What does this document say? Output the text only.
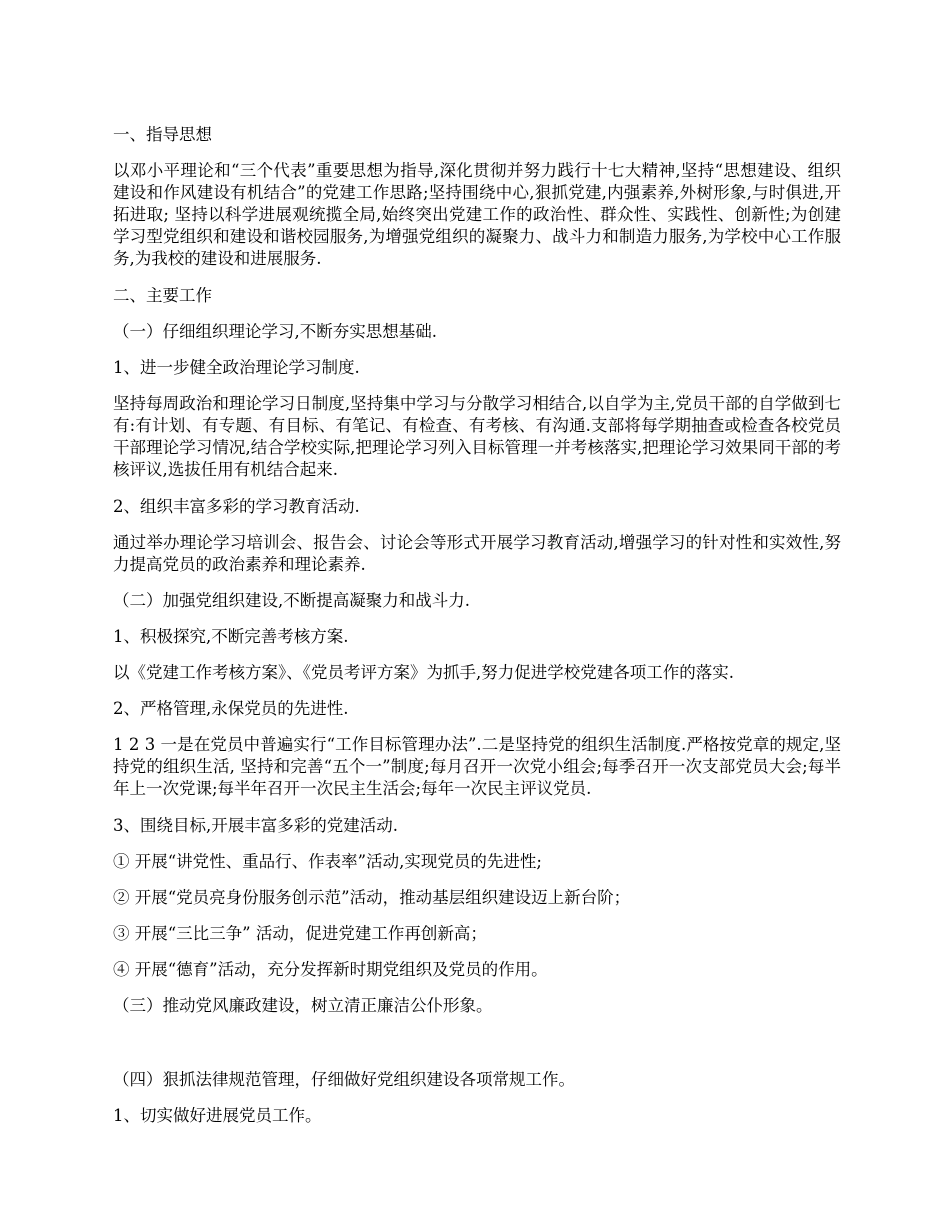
一、指导思想

以邓小平理论和“三个代表”重要思想为指导,深化贯彻并努力践行十七大精神,坚持“思想建设、组织建设和作风建设有机结合”的党建工作思路;坚持围绕中心,狠抓党建,内强素养,外树形象,与时俱进,开拓进取; 坚持以科学进展观统揽全局,始终突出党建工作的政治性、群众性、实践性、创新性;为创建学习型党组织和建设和谐校园服务,为增强党组织的凝聚力、战斗力和制造力服务,为学校中心工作服务,为我校的建设和进展服务.

二、主要工作

（一）仔细组织理论学习,不断夯实思想基础.

1、进一步健全政治理论学习制度.

坚持每周政治和理论学习日制度,坚持集中学习与分散学习相结合,以自学为主,党员干部的自学做到七有:有计划、有专题、有目标、有笔记、有检查、有考核、有沟通.支部将每学期抽查或检查各校党员干部理论学习情况,结合学校实际,把理论学习列入目标管理一并考核落实,把理论学习效果同干部的考核评议,选拔任用有机结合起来.

2、组织丰富多彩的学习教育活动.

通过举办理论学习培训会、报告会、讨论会等形式开展学习教育活动,增强学习的针对性和实效性,努力提高党员的政治素养和理论素养.

（二）加强党组织建设,不断提高凝聚力和战斗力.

1、积极探究,不断完善考核方案.

以《党建工作考核方案》、《党员考评方案》为抓手,努力促进学校党建各项工作的落实.

2、严格管理,永保党员的先进性.

1 2 3 一是在党员中普遍实行“工作目标管理办法”.二是坚持党的组织生活制度.严格按党章的规定,坚持党的组织生活, 坚持和完善“五个一”制度;每月召开一次党小组会;每季召开一次支部党员大会;每半年上一次党课;每半年召开一次民主生活会;每年一次民主评议党员.

3、围绕目标,开展丰富多彩的党建活动.

① 开展“讲党性、重品行、作表率”活动,实现党员的先进性;

② 开展“党员亮身份服务创示范”活动，推动基层组织建设迈上新台阶；

③ 开展“三比三争” 活动，促进党建工作再创新高；

④ 开展“德育”活动，充分发挥新时期党组织及党员的作用。

（三）推动党风廉政建设，树立清正廉洁公仆形象。

（四）狠抓法律规范管理，仔细做好党组织建设各项常规工作。

1、切实做好进展党员工作。
